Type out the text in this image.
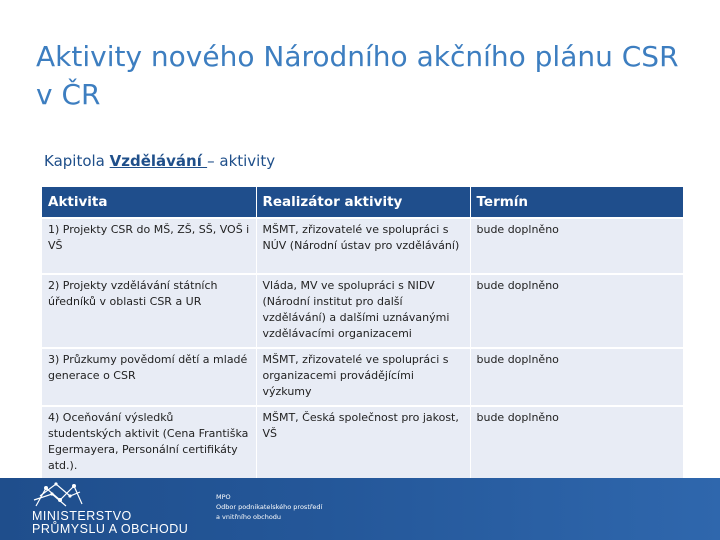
Aktivity nového Národního akčního plánu CSR v ČR
Kapitola Vzdělávání – aktivity
Aktivita	Realizátor aktivity	Termín
1) Projekty CSR do MŠ, ZŠ, SŠ, VOŠ i VŠ	MŠMT, zřizovatelé ve spolupráci s NÚV (Národní ústav pro vzdělávání)	bude doplněno
2) Projekty vzdělávání státních úředníků v oblasti CSR a UR	Vláda, MV ve spolupráci s NIDV (Národní institut pro další vzdělávání) a dalšími uznávanými vzdělávacími organizacemi	bude doplněno
3) Průzkumy povědomí dětí a mladé generace o CSR	MŠMT, zřizovatelé ve spolupráci s organizacemi provádějícími výzkumy	bude doplněno
4) Oceňování výsledků studentských aktivit (Cena Františka Egermayera, Personální certifikáty atd.).	MŠMT, Česká společnost pro jakost, VŠ	bude doplněno
MINISTERSTVO
PRŮMYSLU A OBCHODU
MPO
Odbor podnikatelského prostředí
a vnitřního obchodu
